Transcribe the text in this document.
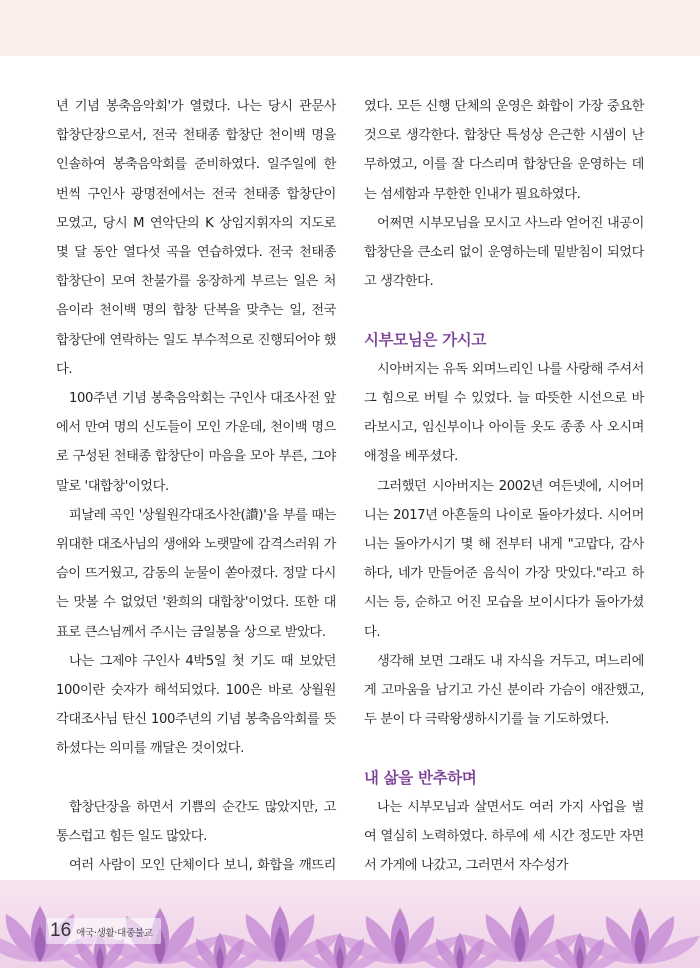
년 기념 봉축음악회'가 열렸다. 나는 당시 관문사 합창단장으로서, 전국 천태종 합창단 천이백 명을 인솔하여 봉축음악회를 준비하였다. 일주일에 한 번씩 구인사 광명전에서는 전국 천태종 합창단이 모였고, 당시 M 연악단의 K 상임지휘자의 지도로 몇 달 동안 열다섯 곡을 연습하였다. 전국 천태종 합창단이 모여 찬불가를 웅장하게 부르는 일은 처음이라 천이백 명의 합창 단복을 맞추는 일, 전국 합창단에 연락하는 일도 부수적으로 진행되어야 했다.

100주년 기념 봉축음악회는 구인사 대조사전 앞에서 만여 명의 신도들이 모인 가운데, 천이백 명으로 구성된 천태종 합창단이 마음을 모아 부른, 그야말로 '대합창'이었다.

피날레 곡인 '상월원각대조사찬(讚)'을 부를 때는 위대한 대조사님의 생애와 노랫말에 감격스러워 가슴이 뜨거웠고, 감동의 눈물이 쏟아졌다. 정말 다시는 맛볼 수 없었던 '환희의 대합창'이었다. 또한 대표로 큰스님께서 주시는 금일봉을 상으로 받았다.

나는 그제야 구인사 4박5일 첫 기도 때 보았던 100이란 숫자가 해석되었다. 100은 바로 상월원각대조사님 탄신 100주년의 기념 봉축음악회를 뜻하셨다는 의미를 깨달은 것이었다.

합창단장을 하면서 기쁨의 순간도 많았지만, 고통스럽고 힘든 일도 많았다.

여러 사람이 모인 단체이다 보니, 화합을 깨뜨리

였다. 모든 신행 단체의 운영은 화합이 가장 중요한 것으로 생각한다. 합창단 특성상 은근한 시샘이 난무하였고, 이를 잘 다스리며 합창단을 운영하는 데는 섬세함과 무한한 인내가 필요하였다.

어쩌면 시부모님을 모시고 사느라 얻어진 내공이 합창단을 큰소리 없이 운영하는데 밑받침이 되었다고 생각한다.

시부모님은 가시고

시아버지는 유독 외며느리인 나를 사랑해 주셔서 그 힘으로 버틸 수 있었다. 늘 따뜻한 시선으로 바라보시고, 임신부이나 아이들 옷도 종종 사 오시며 애정을 베푸셨다.

그러했던 시아버지는 2002년 여든넷에, 시어머니는 2017년 아흔둘의 나이로 돌아가셨다. 시어머니는 돌아가시기 몇 해 전부터 내게 "고맙다, 감사하다, 네가 만들어준 음식이 가장 맛있다."라고 하시는 등, 순하고 어진 모습을 보이시다가 돌아가셨다.

생각해 보면 그래도 내 자식을 거두고, 며느리에게 고마움을 남기고 가신 분이라 가슴이 애잔했고, 두 분이 다 극락왕생하시기를 늘 기도하였다.

내 삶을 반추하며

나는 시부모님과 살면서도 여러 가지 사업을 벌여 열심히 노력하였다. 하루에 세 시간 정도만 자면서 가게에 나갔고, 그러면서 자수성가

16 애국·생활·대중불교
